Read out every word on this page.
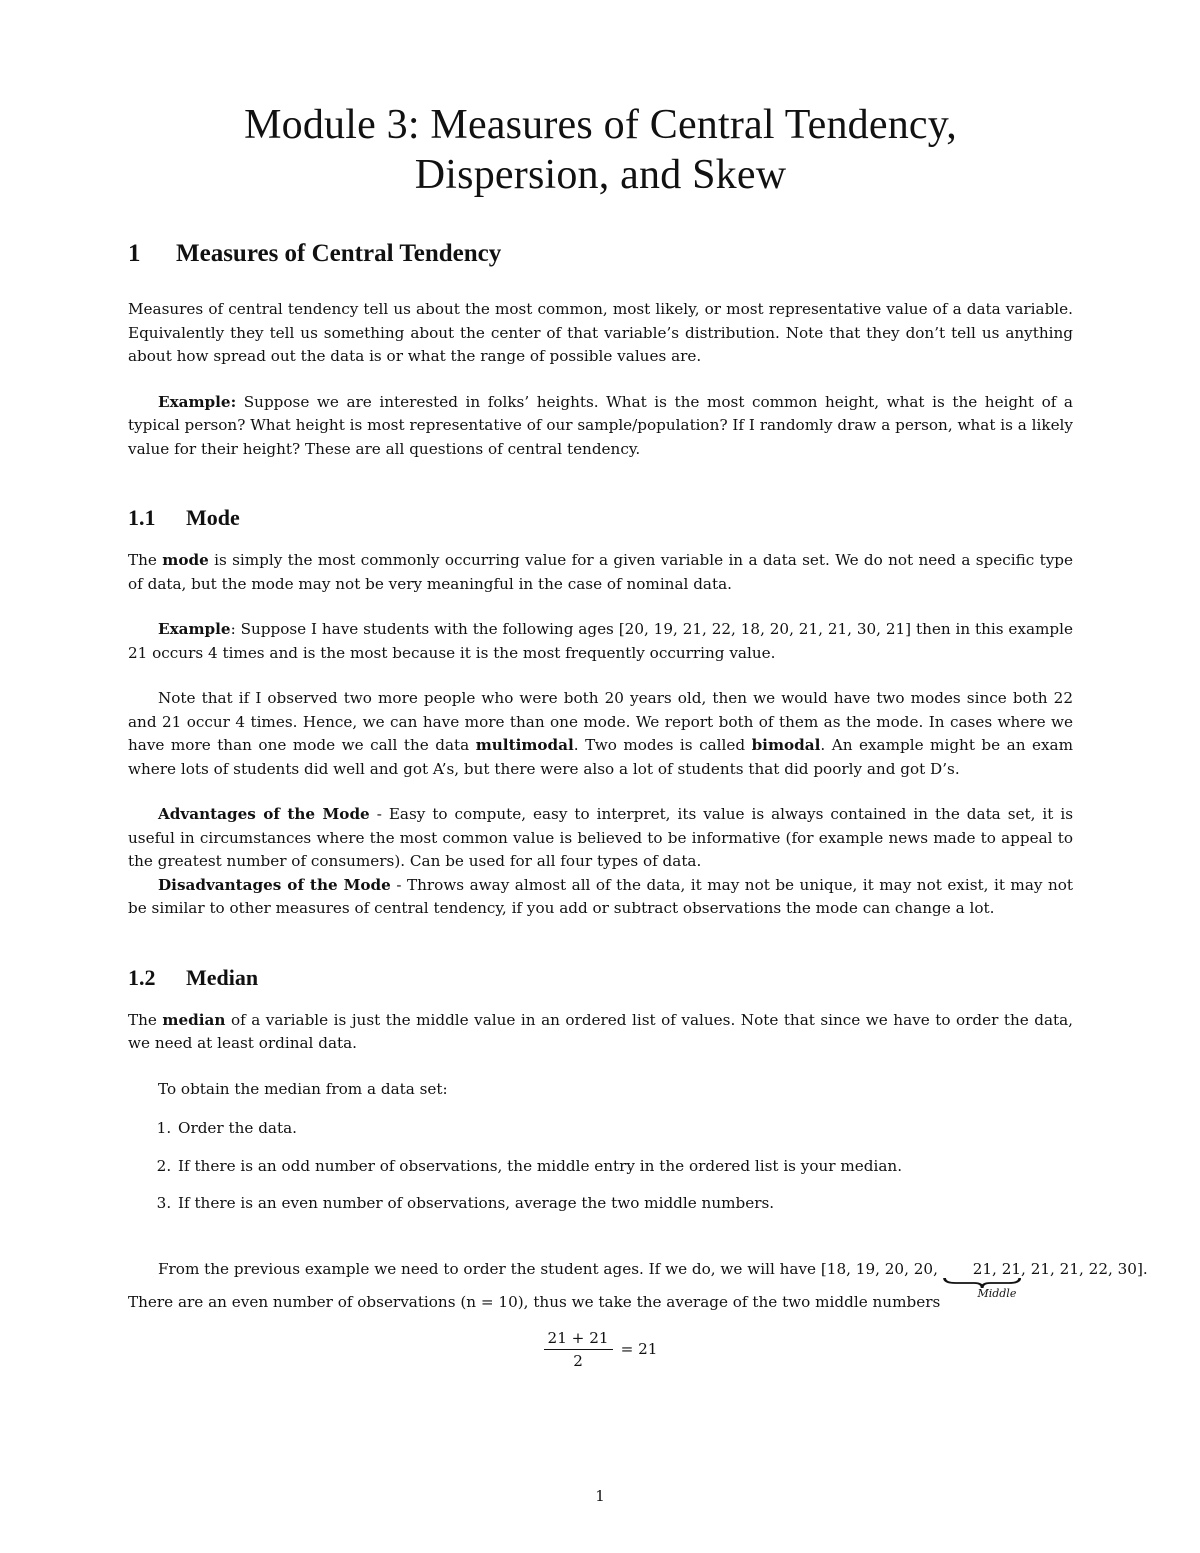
Module 3: Measures of Central Tendency,
Dispersion, and Skew
1 Measures of Central Tendency

Measures of central tendency tell us about the most common, most likely, or most representative value of a data variable. Equivalently they tell us something about the center of that variable’s distribution. Note that they don’t tell us anything about how spread out the data is or what the range of possible values are.

Example: Suppose we are interested in folks’ heights. What is the most common height, what is the height of a typical person? What height is most representative of our sample/population? If I randomly draw a person, what is a likely value for their height? These are all questions of central tendency.

1.1 Mode

The mode is simply the most commonly occurring value for a given variable in a data set. We do not need a specific type of data, but the mode may not be very meaningful in the case of nominal data.

Example: Suppose I have students with the following ages [20, 19, 21, 22, 18, 20, 21, 21, 30, 21] then in this example 21 occurs 4 times and is the most because it is the most frequently occurring value.

Note that if I observed two more people who were both 20 years old, then we would have two modes since both 22 and 21 occur 4 times. Hence, we can have more than one mode. We report both of them as the mode. In cases where we have more than one mode we call the data multimodal. Two modes is called bimodal. An example might be an exam where lots of students did well and got A’s, but there were also a lot of students that did poorly and got D’s.

Advantages of the Mode - Easy to compute, easy to interpret, its value is always contained in the data set, it is useful in circumstances where the most common value is believed to be informative (for example news made to appeal to the greatest number of consumers). Can be used for all four types of data.

Disadvantages of the Mode - Throws away almost all of the data, it may not be unique, it may not exist, it may not be similar to other measures of central tendency, if you add or subtract observations the mode can change a lot.

1.2 Median

The median of a variable is just the middle value in an ordered list of values. Note that since we have to order the data, we need at least ordinal data.

To obtain the median from a data set:

1. Order the data.
2. If there is an odd number of observations, the middle entry in the ordered list is your median.
3. If there is an even number of observations, average the two middle numbers.

From the previous example we need to order the student ages. If we do, we will have [18, 19, 20, 20, 21, 21
Middle
, 21, 21, 22, 30].

There are an even number of observations (n = 10), thus we take the average of the two middle numbers

$\frac{21 + 21}{2} = 21$
1
